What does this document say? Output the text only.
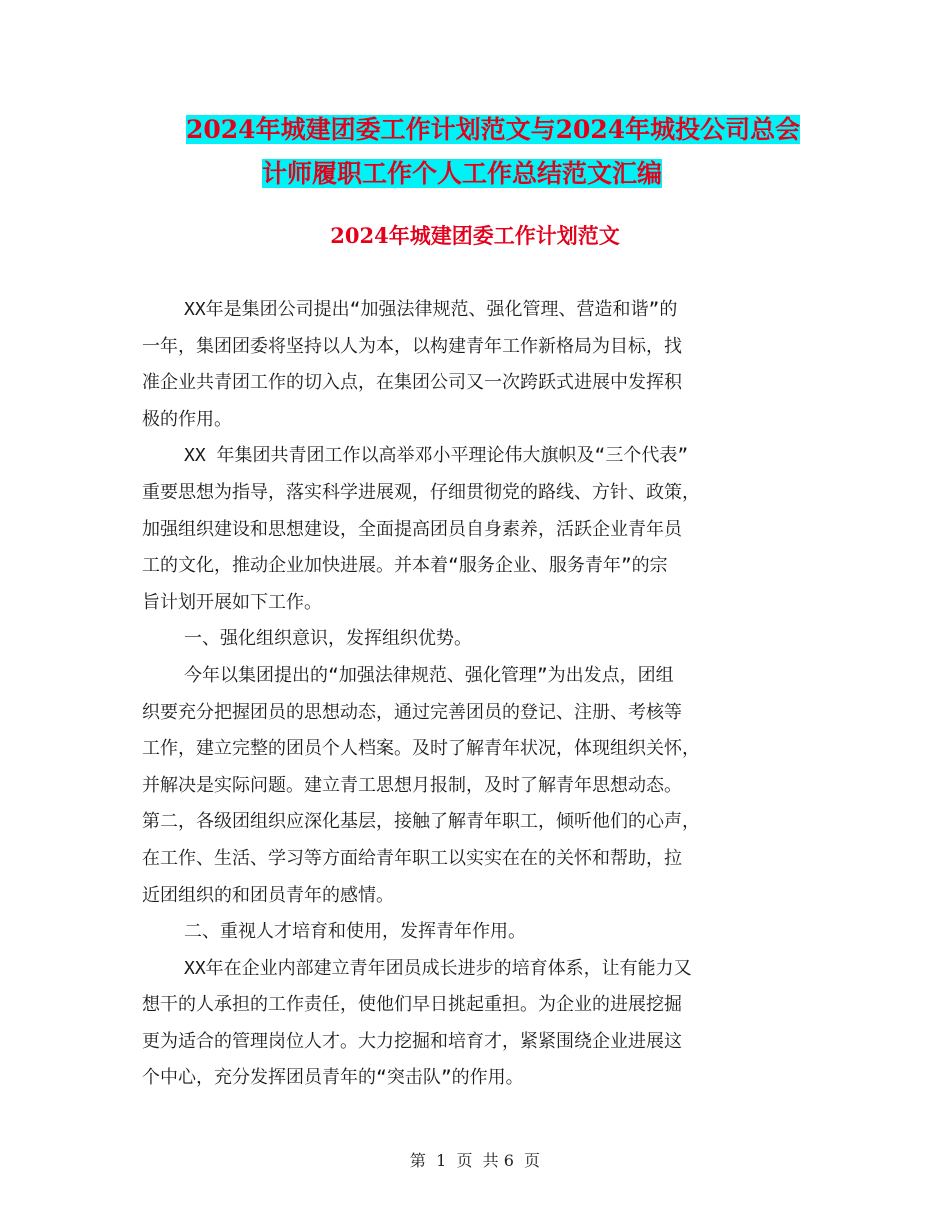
2024年城建团委工作计划范文与2024年城投公司总会
计师履职工作个人工作总结范文汇编
2024年城建团委工作计划范文
XX年是集团公司提出“加强法律规范、强化管理、营造和谐”的
一年，集团团委将坚持以人为本，以构建青年工作新格局为目标，找
准企业共青团工作的切入点，在集团公司又一次跨跃式进展中发挥积
极的作用。
XX 年集团共青团工作以高举邓小平理论伟大旗帜及“三个代表”
重要思想为指导，落实科学进展观，仔细贯彻党的路线、方针、政策，
加强组织建设和思想建设，全面提高团员自身素养，活跃企业青年员
工的文化，推动企业加快进展。并本着“服务企业、服务青年”的宗
旨计划开展如下工作。
一、强化组织意识，发挥组织优势。
今年以集团提出的“加强法律规范、强化管理”为出发点，团组
织要充分把握团员的思想动态，通过完善团员的登记、注册、考核等
工作，建立完整的团员个人档案。及时了解青年状况，体现组织关怀，
并解决是实际问题。建立青工思想月报制，及时了解青年思想动态。
第二，各级团组织应深化基层，接触了解青年职工，倾听他们的心声，
在工作、生活、学习等方面给青年职工以实实在在的关怀和帮助，拉
近团组织的和团员青年的感情。
二、重视人才培育和使用，发挥青年作用。
XX年在企业内部建立青年团员成长进步的培育体系，让有能力又
想干的人承担的工作责任，使他们早日挑起重担。为企业的进展挖掘
更为适合的管理岗位人才。大力挖掘和培育才，紧紧围绕企业进展这
个中心，充分发挥团员青年的“突击队”的作用。
第  1  页  共 6  页
